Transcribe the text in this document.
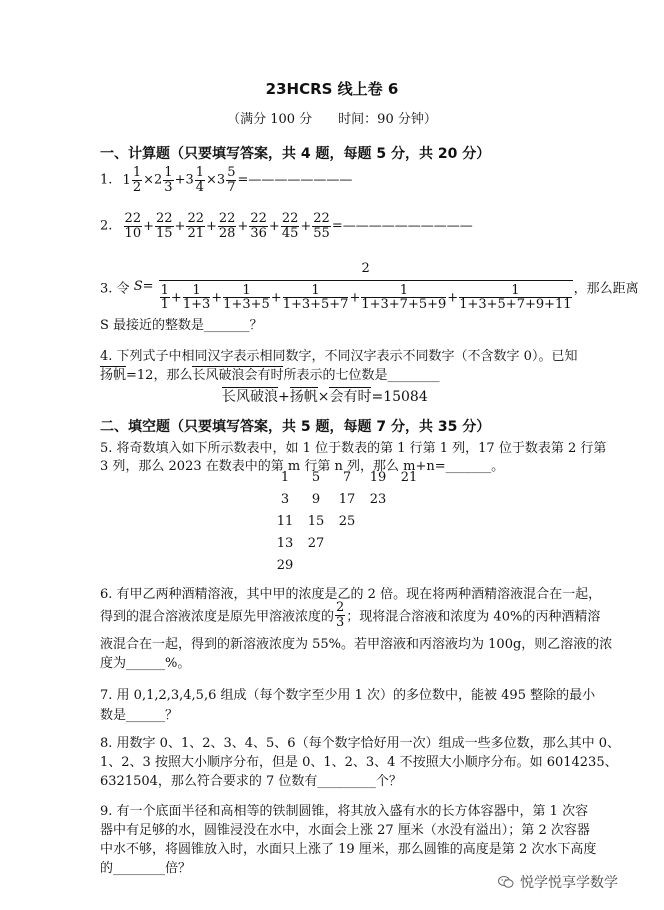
23HCRS 线上卷 6
（满分 100 分　　时间：90 分钟）
一、计算题（只要填写答案，共 4 题，每题 5 分，共 20 分）
1. $1 \frac{1}{2} \times 2 \frac{1}{3} +3 \frac{1}{4} \times 3 \frac{5}{7}$ =————————
2. $\frac{22}{10} + \frac{22}{15} + \frac{22}{21} + \frac{22}{28} + \frac{22}{36} + \frac{22}{45} + \frac{22}{55}$ =——————————
3. 令 $S= \frac{2}{\frac{1}{1} + \frac{1}{1+3} + \frac{1}{1+3+5} + \frac{1}{1+3+5+7} + \frac{1}{1+3+7+5+9} + \frac{1}{1+3+5+7+9+11}}$ ，那么距离
S 最接近的整数是_______？
4. 下列式子中相同汉字表示相同数字，不同汉字表示不同数字（不含数字 0）。已知
扬帆=12，那么长风破浪会有时所表示的七位数是________
长风破浪+扬帆×会有时=15084
二、填空题（只要填写答案，共 5 题，每题 7 分，共 35 分）
5. 将奇数填入如下所示数表中，如 1 位于数表的第 1 行第 1 列，17 位于数表第 2 行第
3 列，那么 2023 在数表中的第 m 行第 n 列，那么 m+n=_______。
1	5	7	19	21
3	9	17	23
11	15	25
13	27
29
6. 有甲乙两种酒精溶液，其中甲的浓度是乙的 2 倍。现在将两种酒精溶液混合在一起，
得到的混合溶液浓度是原先甲溶液浓度的 $\frac{2}{3}$ ；现将混合溶液和浓度为 40%的丙种酒精溶
液混合在一起，得到的新溶液浓度为 55%。若甲溶液和丙溶液均为 100g，则乙溶液的浓
度为______%。
7. 用 0,1,2,3,4,5,6 组成（每个数字至少用 1 次）的多位数中，能被 495 整除的最小
数是______？
8. 用数字 0、1、2、3、4、5、6（每个数字恰好用一次）组成一些多位数，那么其中 0、
1、2、3 按照大小顺序分布，但是 0、1、2、3、4 不按照大小顺序分布。如 6014235、
6321504，那么符合要求的 7 位数有_________个？
9. 有一个底面半径和高相等的铁制圆锥，将其放入盛有水的长方体容器中，第 1 次容
器中有足够的水，圆锥浸没在水中，水面会上涨 27 厘米（水没有溢出）；第 2 次容器
中水不够，将圆锥放入时，水面只上涨了 19 厘米，那么圆锥的高度是第 2 次水下高度
的________倍？
悦学悦享学数学
